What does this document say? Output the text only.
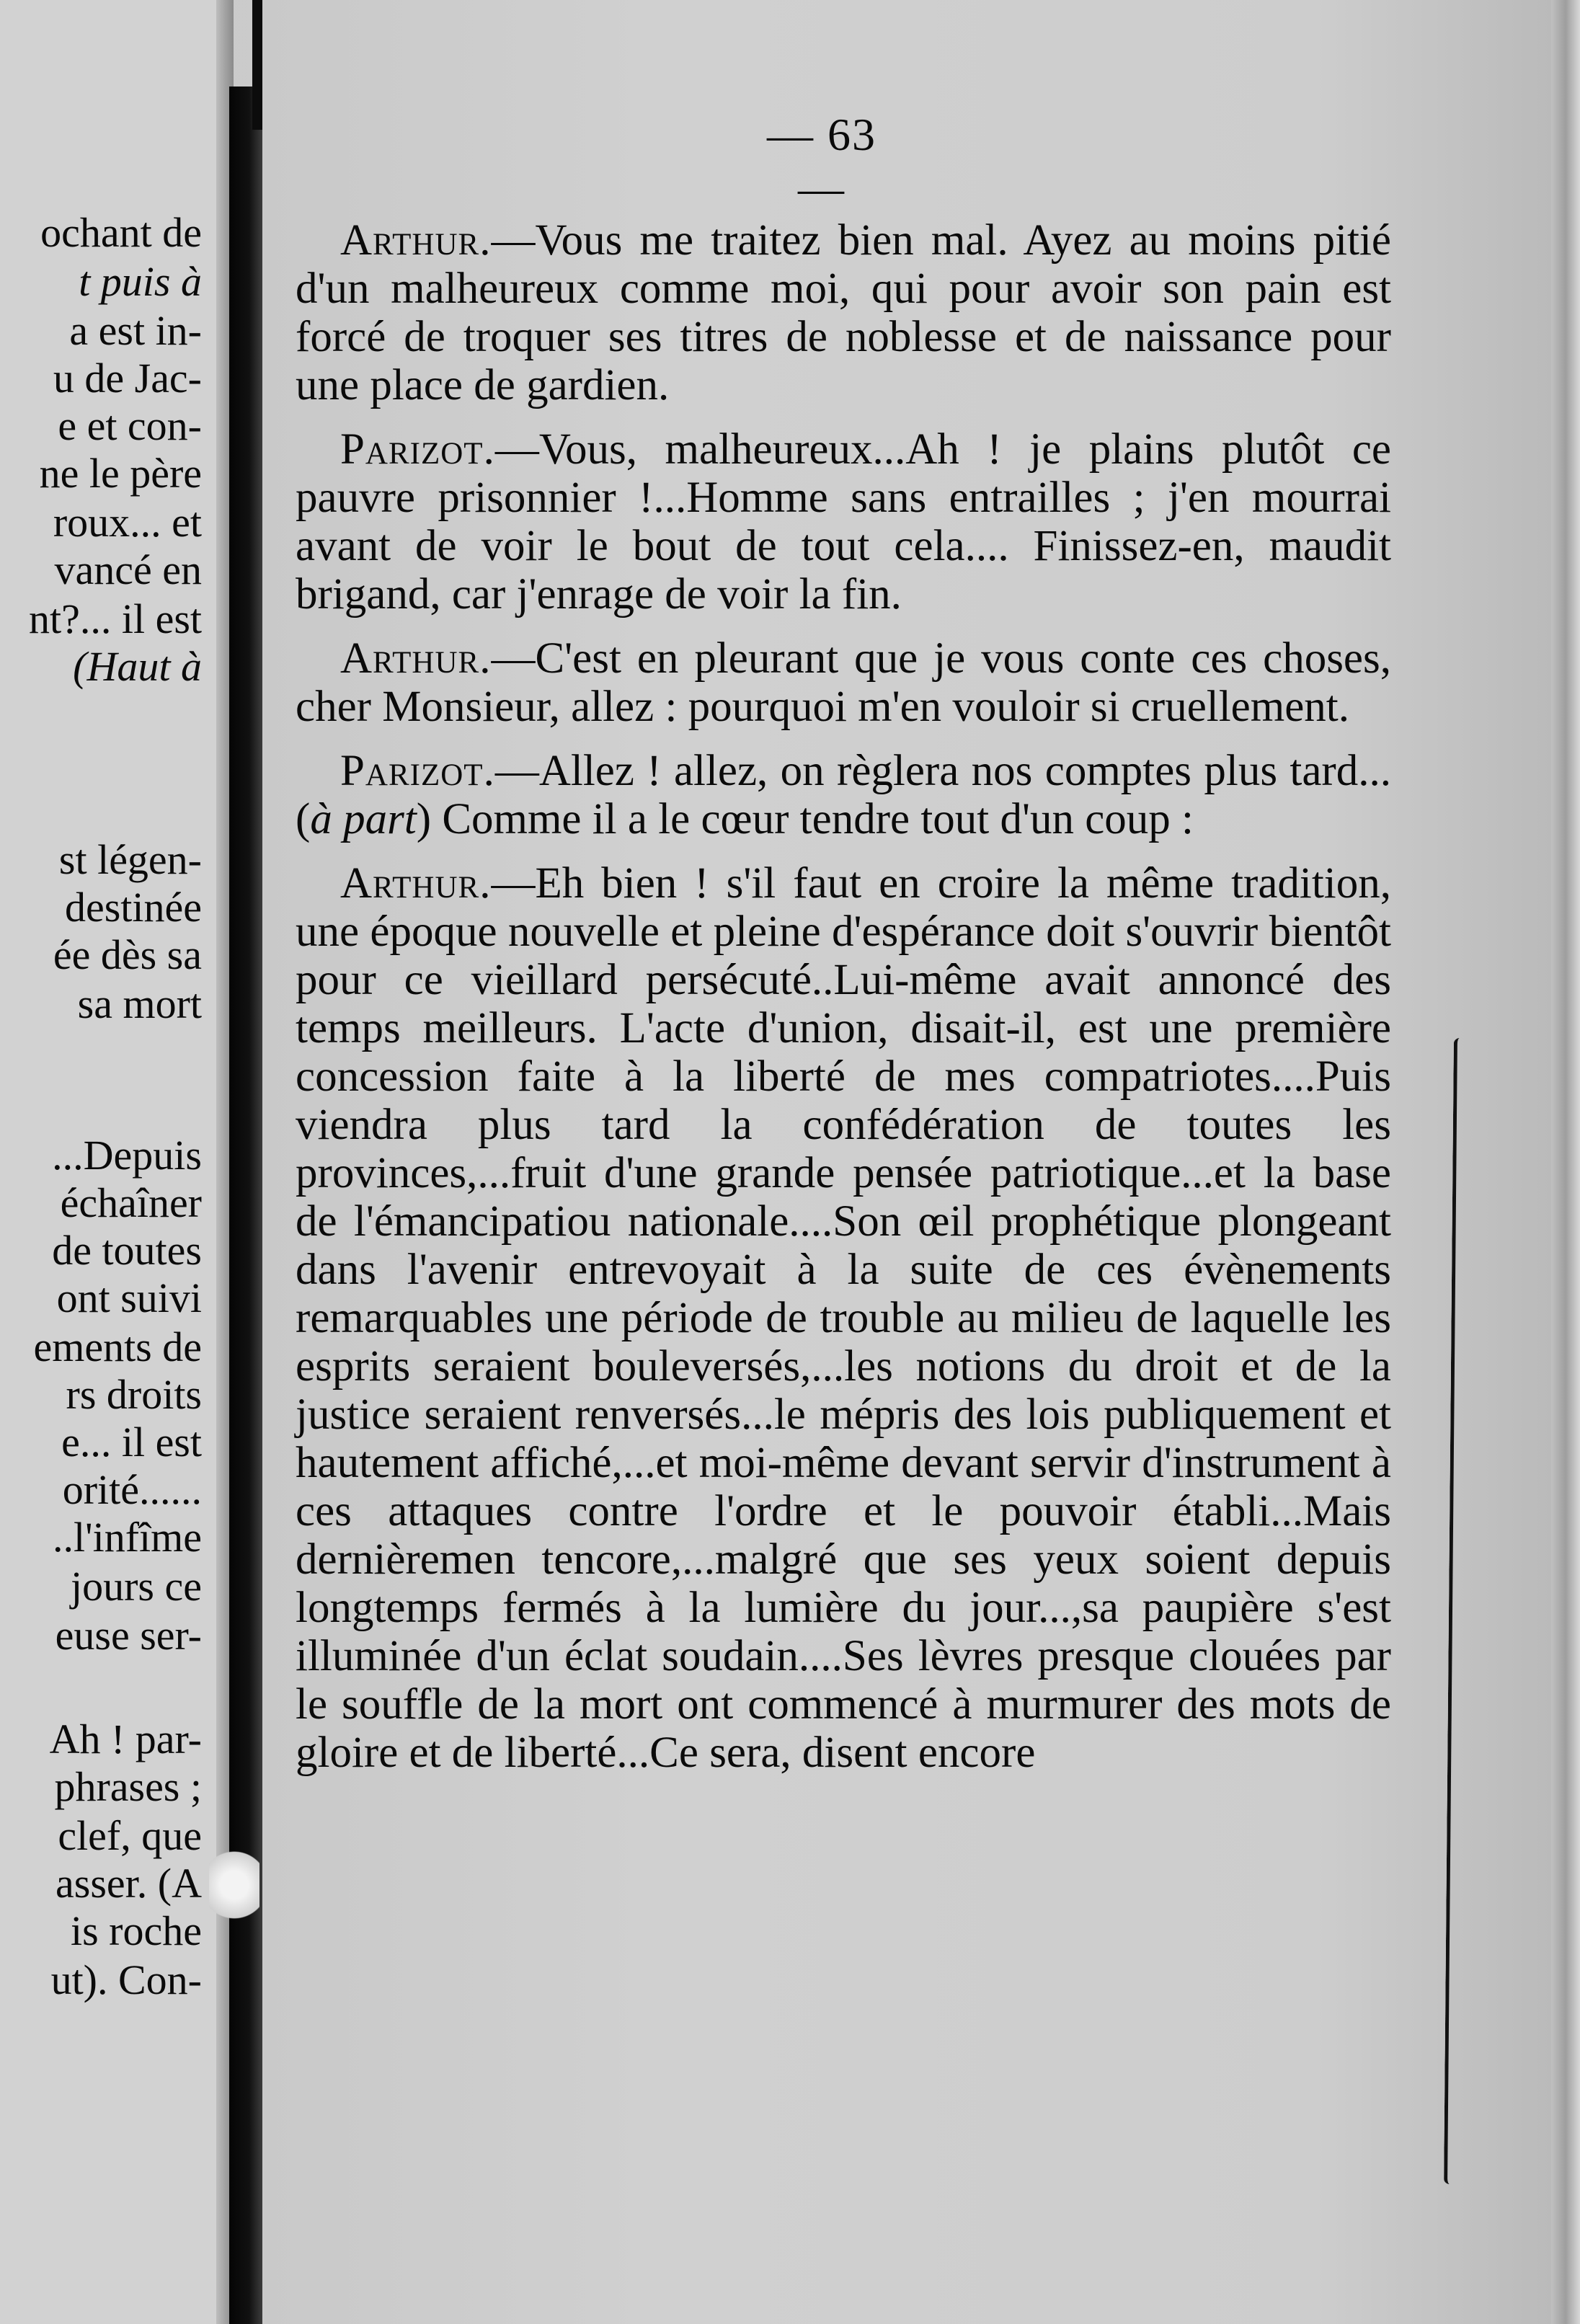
ochant de
t puis à
a est in-
u de Jac-
e et con-
ne le père
roux... et
vancé en
nt?... il est
(Haut à
st légen-
destinée
ée dès sa
sa mort
...Depuis
échaîner
de toutes
ont suivi
ements de
rs droits
e... il est
orité......
..l'infîme
jours ce
euse ser-
Ah ! par-
phrases ;
clef, que
asser. (A
is roche
ut). Con-
— 63 —

Arthur.—Vous me traitez bien mal. Ayez au moins pitié d'un malheureux comme moi, qui pour avoir son pain est forcé de troquer ses titres de noblesse et de naissance pour une place de gardien.

Parizot.—Vous, malheureux...Ah ! je plains plutôt ce pauvre prisonnier !...Homme sans entrailles ; j'en mourrai avant de voir le bout de tout cela.... Finissez-en, maudit brigand, car j'enrage de voir la fin.

Arthur.—C'est en pleurant que je vous conte ces choses, cher Monsieur, allez : pourquoi m'en vouloir si cruellement.

Parizot.—Allez ! allez, on règlera nos comptes plus tard...(à part) Comme il a le cœur tendre tout d'un coup :

Arthur.—Eh bien ! s'il faut en croire la même tradition, une époque nouvelle et pleine d'espérance doit s'ouvrir bientôt pour ce vieillard persécuté..Lui-même avait annoncé des temps meilleurs. L'acte d'union, disait-il, est une première concession faite à la liberté de mes compatriotes....Puis viendra plus tard la confédération de toutes les provinces,...fruit d'une grande pensée patriotique...et la base de l'émancipatiou nationale....Son œil prophétique plongeant dans l'avenir entrevoyait à la suite de ces évènements remarquables une période de trouble au milieu de laquelle les esprits seraient bouleversés,...les notions du droit et de la justice seraient renversés...le mépris des lois publiquement et hautement affiché,...et moi-même devant servir d'instrument à ces attaques contre l'ordre et le pouvoir établi...Mais dernièremen tencore,...malgré que ses yeux soient depuis longtemps fermés à la lumière du jour...,sa paupière s'est illuminée d'un éclat soudain....Ses lèvres presque clouées par le souffle de la mort ont commencé à murmurer des mots de gloire et de liberté...Ce sera, disent encore
